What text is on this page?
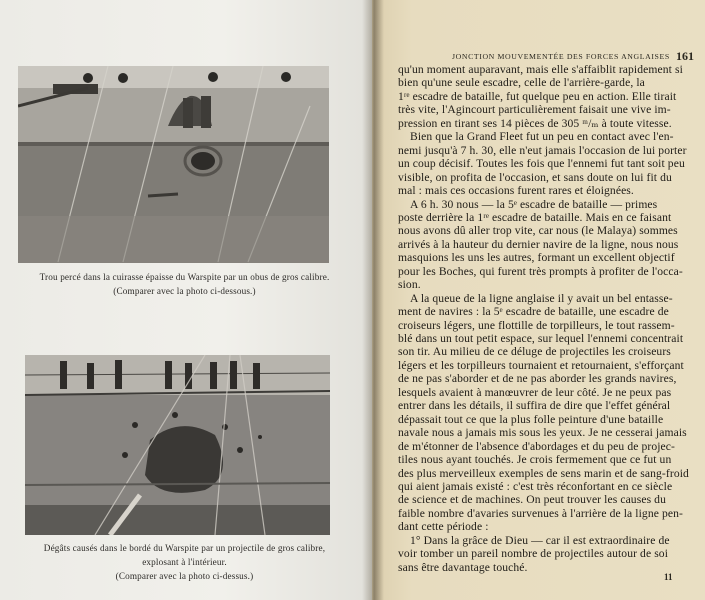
Trou percé dans la cuirasse épaisse du Warspite par un obus de gros calibre.
(Comparer avec la photo ci-dessous.)
Dégâts causés dans le bordé du Warspite par un projectile de gros calibre,
explosant à l'intérieur.
(Comparer avec la photo ci-dessus.)
JONCTION MOUVEMENTÉE DES FORCES ANGLAISES 161
qu'un moment auparavant, mais elle s'affaiblit rapidement si
bien qu'une seule escadre, celle de l'arrière-garde, la
1ʳᵉ escadre de bataille, fut quelque peu en action. Elle tirait
très vite, l'Agincourt particulièrement faisait une vive im-
pression en tirant ses 14 pièces de 305 ᵐ/ₘ à toute vitesse.
Bien que la Grand Fleet fut un peu en contact avec l'en-
nemi jusqu'à 7 h. 30, elle n'eut jamais l'occasion de lui porter
un coup décisif. Toutes les fois que l'ennemi fut tant soit peu
visible, on profita de l'occasion, et sans doute on lui fit du
mal : mais ces occasions furent rares et éloignées.
A 6 h. 30 nous — la 5ᵉ escadre de bataille — primes
poste derrière la 1ʳᵉ escadre de bataille. Mais en ce faisant
nous avons dû aller trop vite, car nous (le Malaya) sommes
arrivés à la hauteur du dernier navire de la ligne, nous nous
masquions les uns les autres, formant un excellent objectif
pour les Boches, qui furent très prompts à profiter de l'occa-
sion.
A la queue de la ligne anglaise il y avait un bel entasse-
ment de navires : la 5ᵉ escadre de bataille, une escadre de
croiseurs légers, une flottille de torpilleurs, le tout rassem-
blé dans un tout petit espace, sur lequel l'ennemi concentrait
son tir. Au milieu de ce déluge de projectiles les croiseurs
légers et les torpilleurs tournaient et retournaient, s'efforçant
de ne pas s'aborder et de ne pas aborder les grands navires,
lesquels avaient à manœuvrer de leur côté. Je ne peux pas
entrer dans les détails, il suffira de dire que l'effet général
dépassait tout ce que la plus folle peinture d'une bataille
navale nous a jamais mis sous les yeux. Je ne cesserai jamais
de m'étonner de l'absence d'abordages et du peu de projec-
tiles nous ayant touchés. Je crois fermement que ce fut un
des plus merveilleux exemples de sens marin et de sang-froid
qui aient jamais existé : c'est très réconfortant en ce siècle
de science et de machines. On peut trouver les causes du
faible nombre d'avaries survenues à l'arrière de la ligne pen-
dant cette période :
1° Dans la grâce de Dieu — car il est extraordinaire de
voir tomber un pareil nombre de projectiles autour de soi
sans être davantage touché.
11
